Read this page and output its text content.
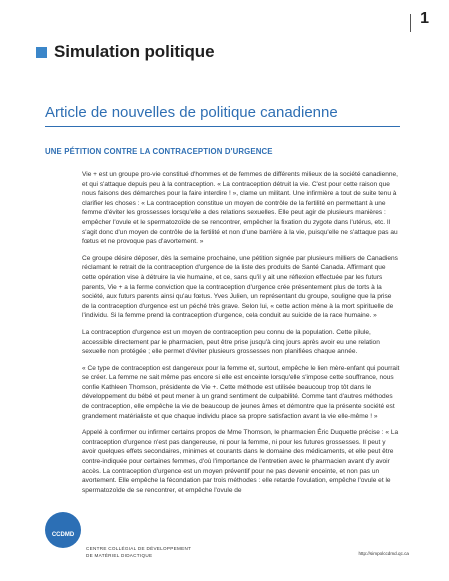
1
Simulation politique
Article de nouvelles de politique canadienne
UNE PÉTITION CONTRE LA CONTRACEPTION D'URGENCE

Vie + est un groupe pro-vie constitué d'hommes et de femmes de différents milieux de la société canadienne, et qui s'attaque depuis peu à la contraception. « La contraception détruit la vie. C'est pour cette raison que nous faisons des démarches pour la faire interdire ! », clame un militant. Une infirmière a tout de suite tenu à clarifier les choses : « La contraception constitue un moyen de contrôle de la fertilité en permettant à une femme d'éviter les grossesses lorsqu'elle a des relations sexuelles. Elle peut agir de plusieurs manières : empêcher l'ovule et le spermatozoïde de se rencontrer, empêcher la fixation du zygote dans l'utérus, etc. Il s'agit donc d'un moyen de contrôle de la fertilité et non d'une barrière à la vie, puisqu'elle ne s'attaque pas au fœtus et ne provoque pas d'avortement. »

Ce groupe désire déposer, dès la semaine prochaine, une pétition signée par plusieurs milliers de Canadiens réclamant le retrait de la contraception d'urgence de la liste des produits de Santé Canada. Affirmant que cette opération vise à détruire la vie humaine, et ce, sans qu'il y ait une réflexion effectuée par les futurs parents, Vie + a la ferme conviction que la contraception d'urgence crée présentement plus de torts à la société, aux futurs parents ainsi qu'au fœtus. Yves Julien, un représentant du groupe, souligne que la prise de la contraception d'urgence est un péché très grave. Selon lui, « cette action mène à la mort spirituelle de l'individu. Si la femme prend la contraception d'urgence, cela conduit au suicide de la race humaine. »

La contraception d'urgence est un moyen de contraception peu connu de la population. Cette pilule, accessible directement par le pharmacien, peut être prise jusqu'à cinq jours après avoir eu une relation sexuelle non protégée ; elle permet d'éviter plusieurs grossesses non planifiées chaque année.

« Ce type de contraception est dangereux pour la femme et, surtout, empêche le lien mère-enfant qui pourrait se créer. La femme ne sait même pas encore si elle est enceinte lorsqu'elle s'impose cette souffrance, nous confie Kathleen Thomson, présidente de Vie +. Cette méthode est utilisée beaucoup trop tôt dans le développement du bébé et peut mener à un grand sentiment de culpabilité. Comme tant d'autres méthodes de contraception, elle empêche la vie de beaucoup de jeunes âmes et démontre que la présente société est grandement matérialiste et que chaque individu place sa propre satisfaction avant la vie elle-même ! »

Appelé à confirmer ou infirmer certains propos de Mme Thomson, le pharmacien Éric Duquette précise : « La contraception d'urgence n'est pas dangereuse, ni pour la femme, ni pour les futures grossesses. Il peut y avoir quelques effets secondaires, minimes et courants dans le domaine des médicaments, et elle peut être contre-indiquée pour certaines femmes, d'où l'importance de l'entretien avec le pharmacien avant d'y avoir accès. La contraception d'urgence est un moyen préventif pour ne pas devenir enceinte, et non pas un avortement. Elle empêche la fécondation par trois méthodes : elle retarde l'ovulation, empêche l'ovule et le spermatozoïde de se rencontrer, et empêche l'ovule de

CCDMD
CENTRE COLLÉGIAL DE DÉVELOPPEMENT
DE MATÉRIEL DIDACTIQUE	http://simpolccdmd.qc.ca
